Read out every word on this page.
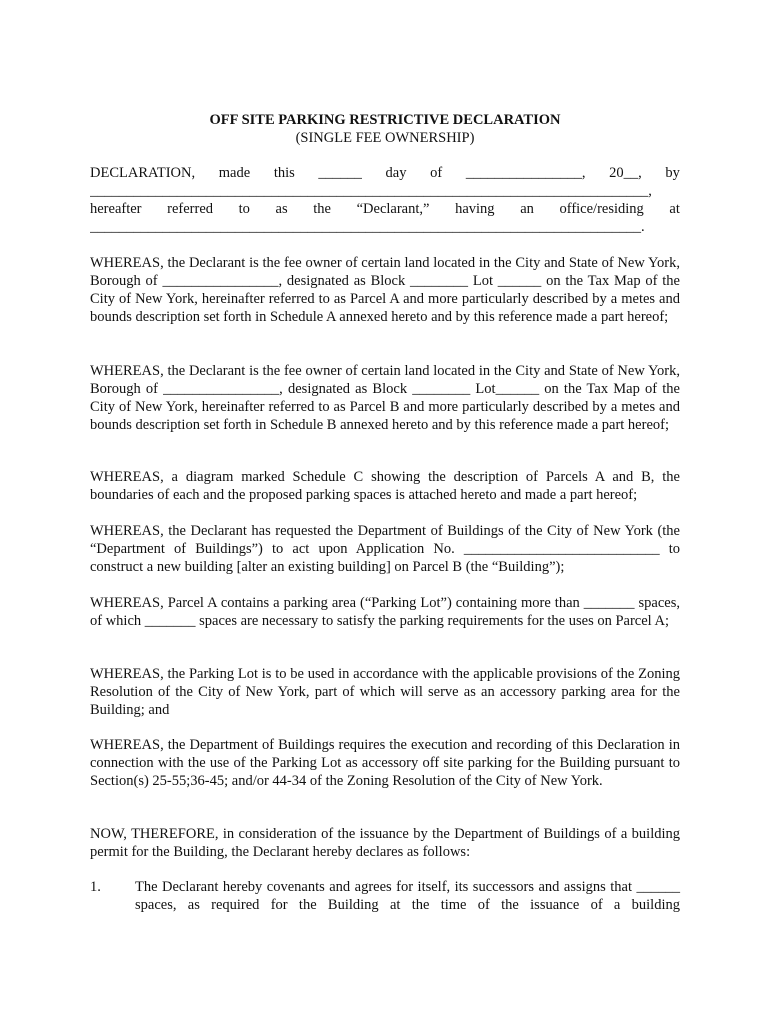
OFF SITE PARKING RESTRICTIVE DECLARATION
(SINGLE FEE OWNERSHIP)
DECLARATION, made this ______ day of ________________, 20__, by
_____________________________________________________________________________,
hereafter referred to as the “Declarant,” having an office/residing at
____________________________________________________________________________.

WHEREAS, the Declarant is the fee owner of certain land located in the City and State of New York, Borough of ________________, designated as Block ________ Lot ______ on the Tax Map of the City of New York, hereinafter referred to as Parcel A and more particularly described by a metes and bounds description set forth in Schedule A annexed hereto and by this reference made a part hereof;

WHEREAS, the Declarant is the fee owner of certain land located in the City and State of New York, Borough of ________________, designated as Block ________ Lot______ on the Tax Map of the City of New York, hereinafter referred to as Parcel B and more particularly described by a metes and bounds description set forth in Schedule B annexed hereto and by this reference made a part hereof;

WHEREAS, a diagram marked Schedule C showing the description of Parcels A and B, the boundaries of each and the proposed parking spaces is attached hereto and made a part hereof;

WHEREAS, the Declarant has requested the Department of Buildings of the City of New York (the “Department of Buildings”) to act upon Application No. ___________________________ to construct a new building [alter an existing building] on Parcel B (the “Building”);

WHEREAS, Parcel A contains a parking area (“Parking Lot”) containing more than _______ spaces, of which _______ spaces are necessary to satisfy the parking requirements for the uses on Parcel A;

WHEREAS, the Parking Lot is to be used in accordance with the applicable provisions of the Zoning Resolution of the City of New York, part of which will serve as an accessory parking area for the Building; and

WHEREAS, the Department of Buildings requires the execution and recording of this Declaration in connection with the use of the Parking Lot as accessory off site parking for the Building pursuant to Section(s) 25-55;36-45; and/or 44-34 of the Zoning Resolution of the City of New York.

NOW, THEREFORE, in consideration of the issuance by the Department of Buildings of a building permit for the Building, the Declarant hereby declares as follows:

1. The Declarant hereby covenants and agrees for itself, its successors and assigns that ______ spaces, as required for the Building at the time of the issuance of a building
